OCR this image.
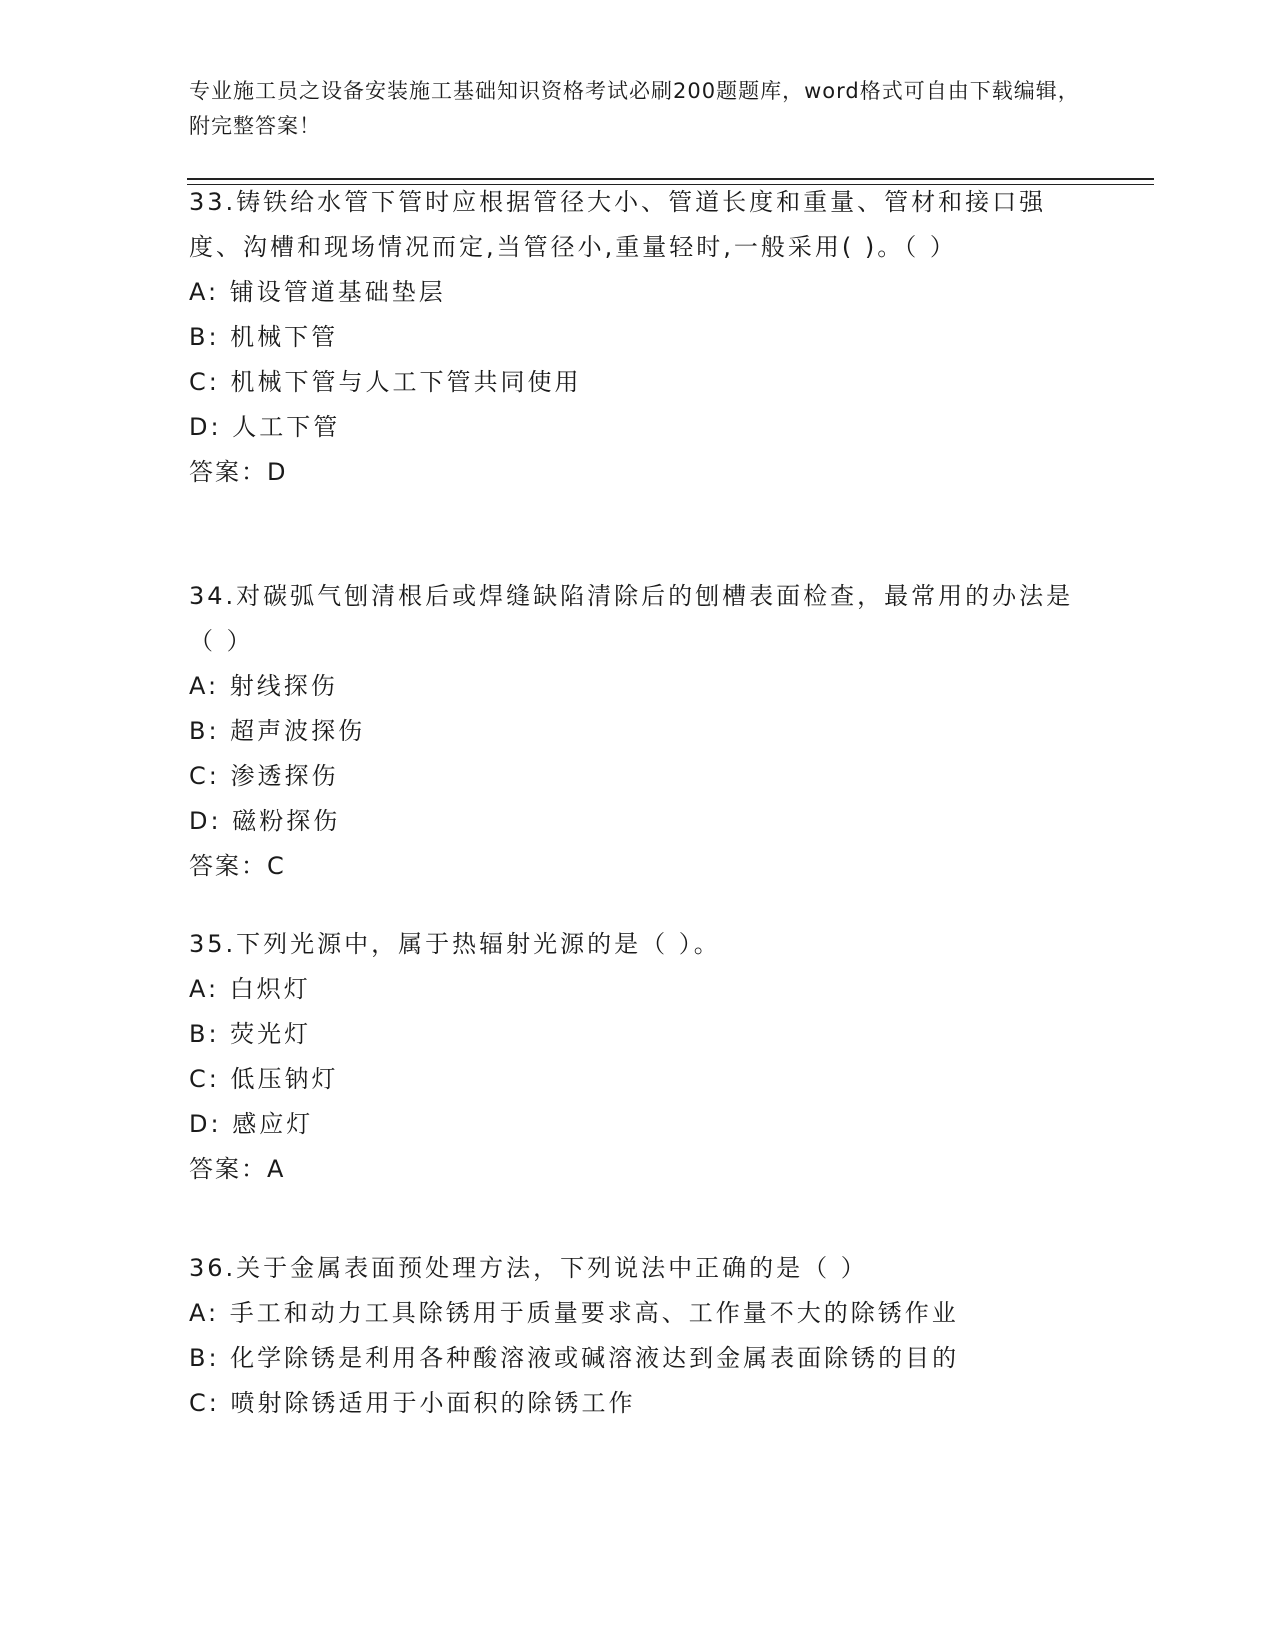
专业施工员之设备安装施工基础知识资格考试必刷200题题库，word格式可自由下载编辑，附完整答案！
33.铸铁给水管下管时应根据管径大小、管道长度和重量、管材和接口强度、沟槽和现场情况而定,当管径小,重量轻时,一般采用( )。（ ）
A: 铺设管道基础垫层
B: 机械下管
C: 机械下管与人工下管共同使用
D: 人工下管
答案：D
34.对碳弧气刨清根后或焊缝缺陷清除后的刨槽表面检查，最常用的办法是（ ）
A: 射线探伤
B: 超声波探伤
C: 渗透探伤
D: 磁粉探伤
答案：C
35.下列光源中，属于热辐射光源的是（ ）。
A: 白炽灯
B: 荧光灯
C: 低压钠灯
D: 感应灯
答案：A
36.关于金属表面预处理方法，下列说法中正确的是（ ）
A: 手工和动力工具除锈用于质量要求高、工作量不大的除锈作业
B: 化学除锈是利用各种酸溶液或碱溶液达到金属表面除锈的目的
C: 喷射除锈适用于小面积的除锈工作
